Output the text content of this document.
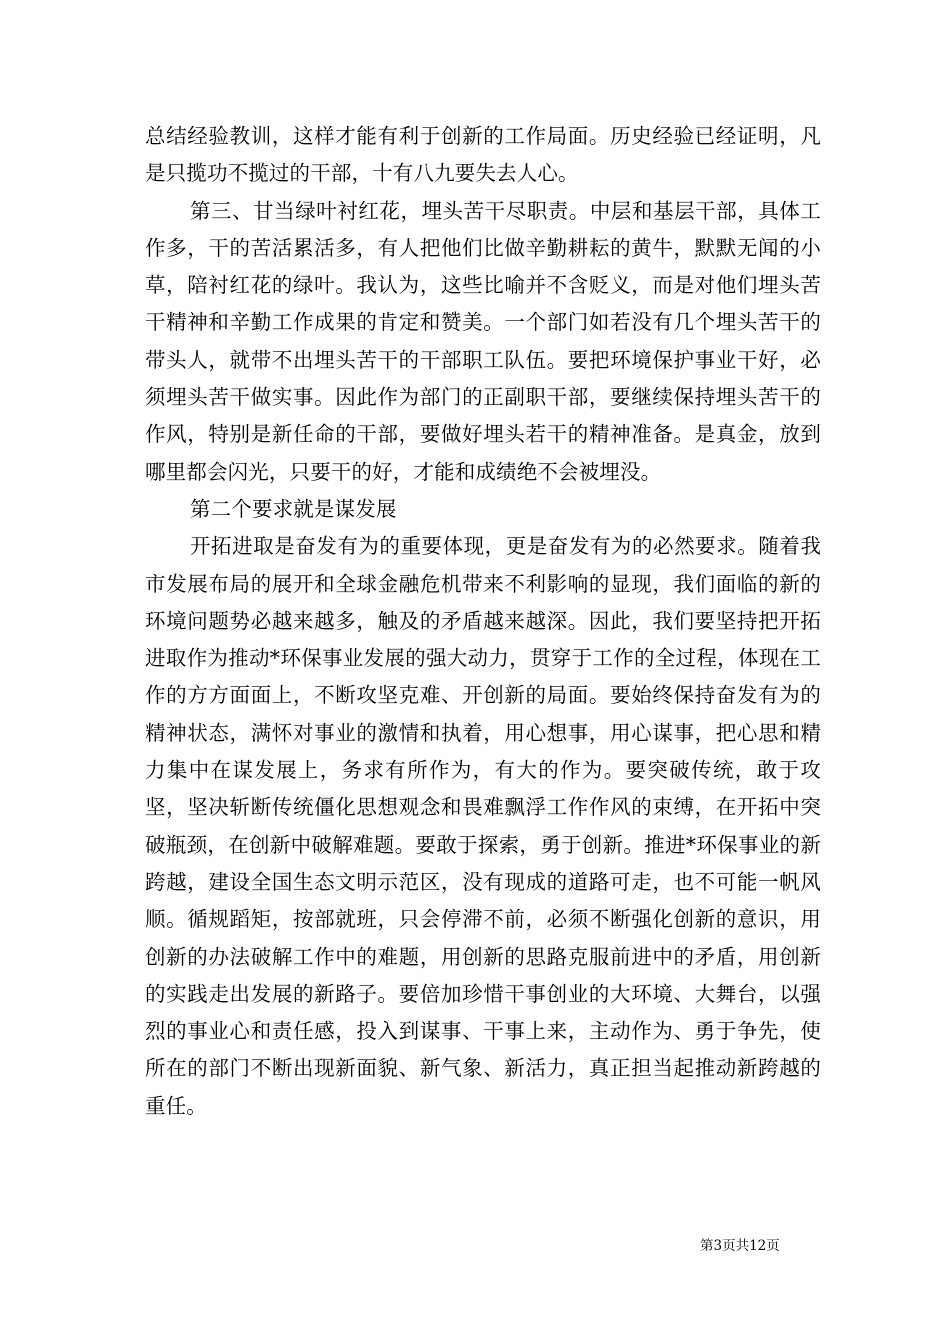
总结经验教训，这样才能有利于创新的工作局面。历史经验已经证明，凡是只揽功不揽过的干部，十有八九要失去人心。

第三、甘当绿叶衬红花，埋头苦干尽职责。中层和基层干部，具体工作多，干的苦活累活多，有人把他们比做辛勤耕耘的黄牛，默默无闻的小草，陪衬红花的绿叶。我认为，这些比喻并不含贬义，而是对他们埋头苦干精神和辛勤工作成果的肯定和赞美。一个部门如若没有几个埋头苦干的带头人，就带不出埋头苦干的干部职工队伍。要把环境保护事业干好，必须埋头苦干做实事。因此作为部门的正副职干部，要继续保持埋头苦干的作风，特别是新任命的干部，要做好埋头若干的精神准备。是真金，放到哪里都会闪光，只要干的好，才能和成绩绝不会被埋没。

第二个要求就是谋发展

开拓进取是奋发有为的重要体现，更是奋发有为的必然要求。随着我市发展布局的展开和全球金融危机带来不利影响的显现，我们面临的新的环境问题势必越来越多，触及的矛盾越来越深。因此，我们要坚持把开拓进取作为推动*环保事业发展的强大动力，贯穿于工作的全过程，体现在工作的方方面面上，不断攻坚克难、开创新的局面。要始终保持奋发有为的精神状态，满怀对事业的激情和执着，用心想事，用心谋事，把心思和精力集中在谋发展上，务求有所作为，有大的作为。要突破传统，敢于攻坚，坚决斩断传统僵化思想观念和畏难飘浮工作作风的束缚，在开拓中突破瓶颈，在创新中破解难题。要敢于探索，勇于创新。推进*环保事业的新跨越，建设全国生态文明示范区，没有现成的道路可走，也不可能一帆风顺。循规蹈矩，按部就班，只会停滞不前，必须不断强化创新的意识，用创新的办法破解工作中的难题，用创新的思路克服前进中的矛盾，用创新的实践走出发展的新路子。要倍加珍惜干事创业的大环境、大舞台，以强烈的事业心和责任感，投入到谋事、干事上来，主动作为、勇于争先，使所在的部门不断出现新面貌、新气象、新活力，真正担当起推动新跨越的重任。

第3页共12页
